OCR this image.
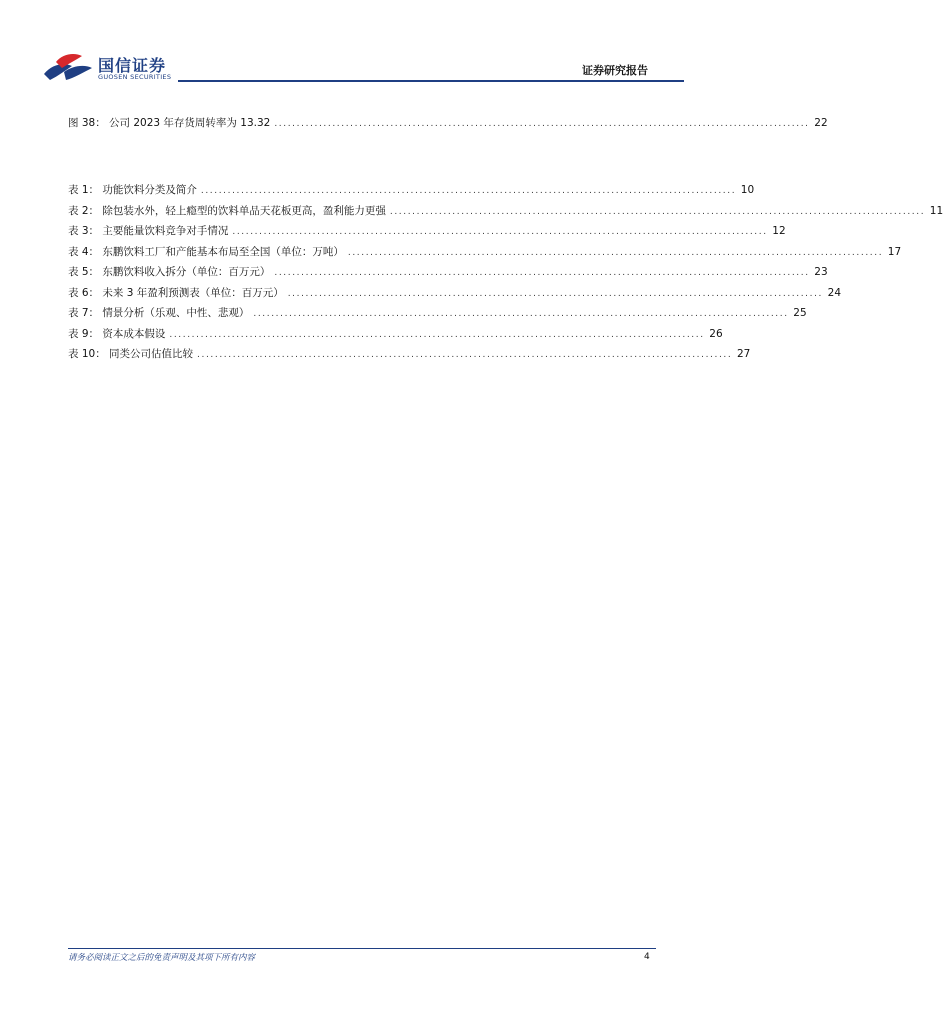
国信证券
GUOSEN SECURITIES	证券研究报告
图 38： 公司 2023 年存货周转率为 13.32 ........................................................................................................................ 22
表 1： 功能饮料分类及简介 ........................................................................................................................ 10
表 2： 除包装水外，轻上瘾型的饮料单品天花板更高，盈利能力更强 ........................................................................................................................ 11
表 3： 主要能量饮料竞争对手情况 ........................................................................................................................ 12
表 4： 东鹏饮料工厂和产能基本布局至全国（单位：万吨） ........................................................................................................................ 17
表 5： 东鹏饮料收入拆分（单位：百万元） ........................................................................................................................ 23
表 6： 未来 3 年盈利预测表（单位：百万元） ........................................................................................................................ 24
表 7： 情景分析（乐观、中性、悲观） ........................................................................................................................ 25
表 9： 资本成本假设 ........................................................................................................................ 26
表 10： 同类公司估值比较 ........................................................................................................................ 27
请务必阅读正文之后的免责声明及其项下所有内容	4
